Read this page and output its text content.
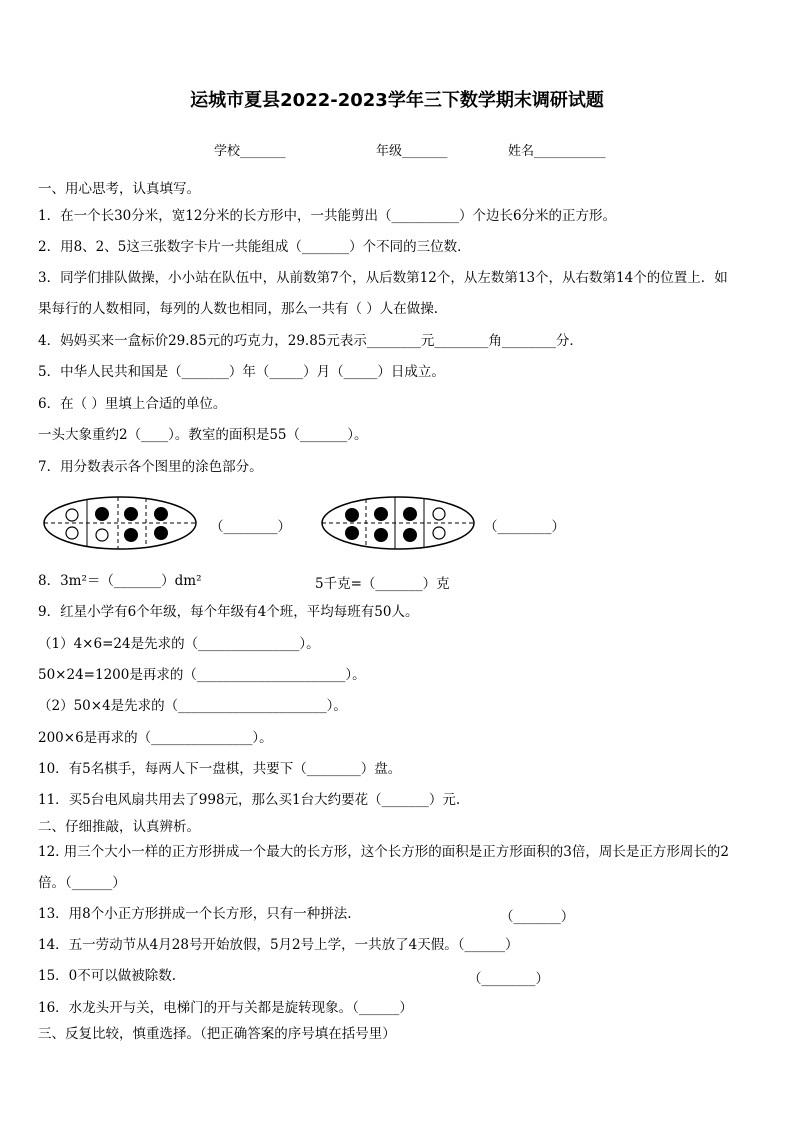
运城市夏县2022-2023学年三下数学期末调研试题
学校_______	年级_______	姓名___________
一、用心思考，认真填写。
1．在一个长30分米，宽12分米的长方形中，一共能剪出（__________）个边长6分米的正方形。
2．用8、2、5这三张数字卡片一共能组成（_______）个不同的三位数．
3．同学们排队做操，小小站在队伍中，从前数第7个，从后数第12个，从左数第13个，从右数第14个的位置上．如
果每行的人数相同，每列的人数也相同，那么一共有（ ）人在做操.
4．妈妈买来一盒标价29.85元的巧克力，29.85元表示________元________角________分．
5．中华人民共和国是（_______）年（_____）月（_____）日成立。
6．在（ ）里填上合适的单位。
一头大象重约2（____）。教室的面积是55（_______）。
7．用分数表示各个图里的涂色部分。
（________）	（________）
8．3m²＝（_______）dm²	5千克=（_______）克
9．红星小学有6个年级，每个年级有4个班，平均每班有50人。
（1）4×6=24是先求的（_______________）。
50×24=1200是再求的（______________________）。
（2）50×4是先求的（______________________）。
200×6是再求的（_______________）。
10．有5名棋手，每两人下一盘棋，共要下（________）盘。
11．买5台电风扇共用去了998元，那么买1台大约要花（_______）元.
二、仔细推敲，认真辨析。
12. 用三个大小一样的正方形拼成一个最大的长方形，这个长方形的面积是正方形面积的3倍，周长是正方形周长的2
倍。（______）
13．用8个小正方形拼成一个长方形，只有一种拼法.	（_______）
14．五一劳动节从4月28号开始放假，5月2号上学，一共放了4天假。（______）
15．0不可以做被除数.	（________）
16．水龙头开与关，电梯门的开与关都是旋转现象。（______）
三、反复比较，慎重选择。（把正确答案的序号填在括号里）
